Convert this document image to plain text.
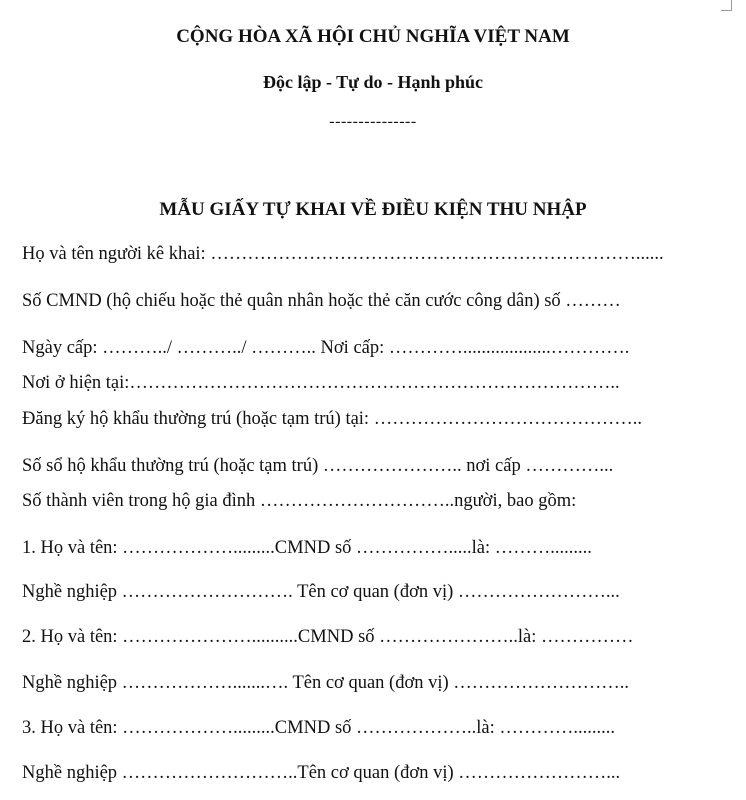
CỘNG HÒA XÃ HỘI CHỦ NGHĨA VIỆT NAM
Độc lập - Tự do - Hạnh phúc
---------------
MẪU GIẤY TỰ KHAI VỀ ĐIỀU KIỆN THU NHẬP
Họ và tên người kê khai: ……………………………………………………………......
Số CMND (hộ chiếu hoặc thẻ quân nhân hoặc thẻ căn cước công dân) số ………
Ngày cấp: ………../ ………../ ……….. Nơi cấp: …………...................………….
Nơi ở hiện tại:……………………………………………………………………..
Đăng ký hộ khẩu thường trú (hoặc tạm trú) tại: ……………………………………..
Số sổ hộ khẩu thường trú (hoặc tạm trú) ………………….. nơi cấp …………...
Số thành viên trong hộ gia đình …………………………..người, bao gồm:
1. Họ và tên: ……………….........CMND số …………….....là: ……….........
Nghề nghiệp ………………………. Tên cơ quan (đơn vị) ……………………...
2. Họ và tên: …………………..........CMND số …………………..là: ……………
Nghề nghiệp ……………….......…. Tên cơ quan (đơn vị) ………………………..
3. Họ và tên: ……………….........CMND số ………………..là: ………….........
Nghề nghiệp ………………………..Tên cơ quan (đơn vị) ……………………...
